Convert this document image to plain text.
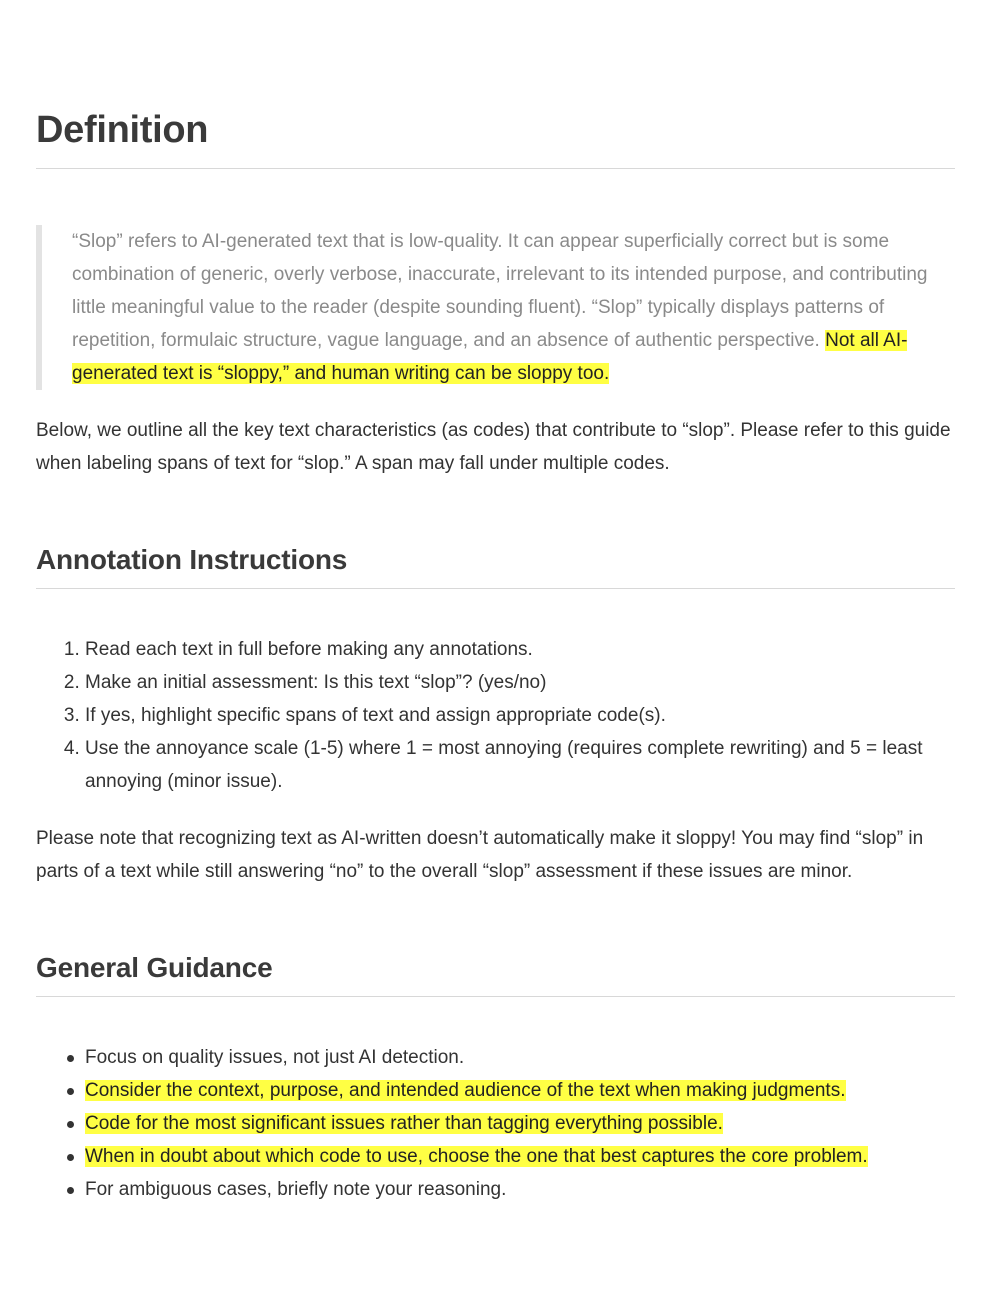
Definition

“Slop” refers to AI-generated text that is low-quality. It can appear superficially correct but is some combination of generic, overly verbose, inaccurate, irrelevant to its intended purpose, and contributing little meaningful value to the reader (despite sounding fluent). “Slop” typically displays patterns of repetition, formulaic structure, vague language, and an absence of authentic perspective. Not all AI-generated text is “sloppy,” and human writing can be sloppy too.

Below, we outline all the key text characteristics (as codes) that contribute to “slop”. Please refer to this guide when labeling spans of text for “slop.” A span may fall under multiple codes.

Annotation Instructions
1. Read each text in full before making any annotations.
2. Make an initial assessment: Is this text “slop”? (yes/no)
3. If yes, highlight specific spans of text and assign appropriate code(s).
4. Use the annoyance scale (1-5) where 1 = most annoying (requires complete rewriting) and 5 = least annoying (minor issue).

Please note that recognizing text as AI-written doesn’t automatically make it sloppy! You may find “slop” in parts of a text while still answering “no” to the overall “slop” assessment if these issues are minor.

General Guidance
Focus on quality issues, not just AI detection.
Consider the context, purpose, and intended audience of the text when making judgments.
Code for the most significant issues rather than tagging everything possible.
When in doubt about which code to use, choose the one that best captures the core problem.
For ambiguous cases, briefly note your reasoning.
